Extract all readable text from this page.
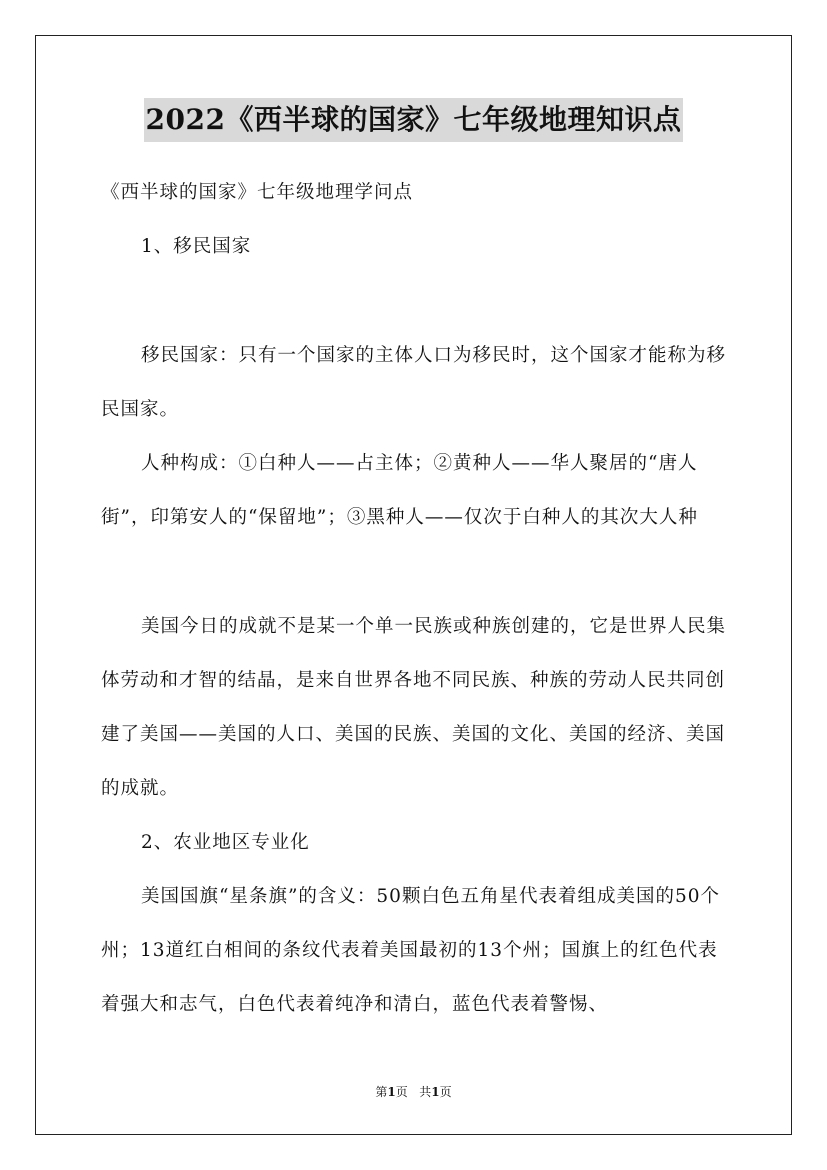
2022《西半球的国家》七年级地理知识点

《西半球的国家》七年级地理学问点

1、移民国家

移民国家：只有一个国家的主体人口为移民时，这个国家才能称为移民国家。

人种构成：①白种人——占主体；②黄种人——华人聚居的“唐人街”，印第安人的“保留地”；③黑种人——仅次于白种人的其次大人种

美国今日的成就不是某一个单一民族或种族创建的，它是世界人民集体劳动和才智的结晶，是来自世界各地不同民族、种族的劳动人民共同创建了美国——美国的人口、美国的民族、美国的文化、美国的经济、美国的成就。

2、农业地区专业化

美国国旗“星条旗”的含义：50颗白色五角星代表着组成美国的50个州；13道红白相间的条纹代表着美国最初的13个州；国旗上的红色代表着强大和志气，白色代表着纯净和清白，蓝色代表着警惕、

第1页 共1页
